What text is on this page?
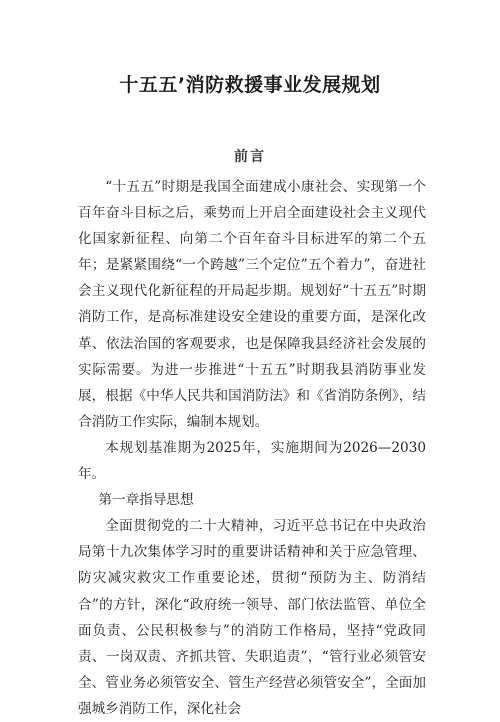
十五五’消防救援事业发展规划
前言

“十五五”时期是我国全面建成小康社会、实现第一个百年奋斗目标之后，乘势而上开启全面建设社会主义现代化国家新征程、向第二个百年奋斗目标进军的第二个五年；是紧紧围绕“一个跨越”三个定位”五个着力”，奋进社会主义现代化新征程的开局起步期。规划好“十五五”时期消防工作，是高标准建设安全建设的重要方面，是深化改革、依法治国的客观要求，也是保障我县经济社会发展的实际需要。为进一步推进“十五五”时期我县消防事业发展，根据《中华人民共和国消防法》和《省消防条例》，结合消防工作实际，编制本规划。

本规划基准期为2025年，实施期间为2026—2030年。

第一章指导思想

全面贯彻党的二十大精神，习近平总书记在中央政治局第十九次集体学习时的重要讲话精神和关于应急管理、防灾减灾救灾工作重要论述，贯彻“预防为主、防消结合”的方针，深化“政府统一领导、部门依法监管、单位全面负责、公民积极参与”的消防工作格局，坚持“党政同责、一岗双责、齐抓共管、失职追责”，“管行业必须管安全、管业务必须管安全、管生产经营必须管安全”，全面加强城乡消防工作，深化社会
